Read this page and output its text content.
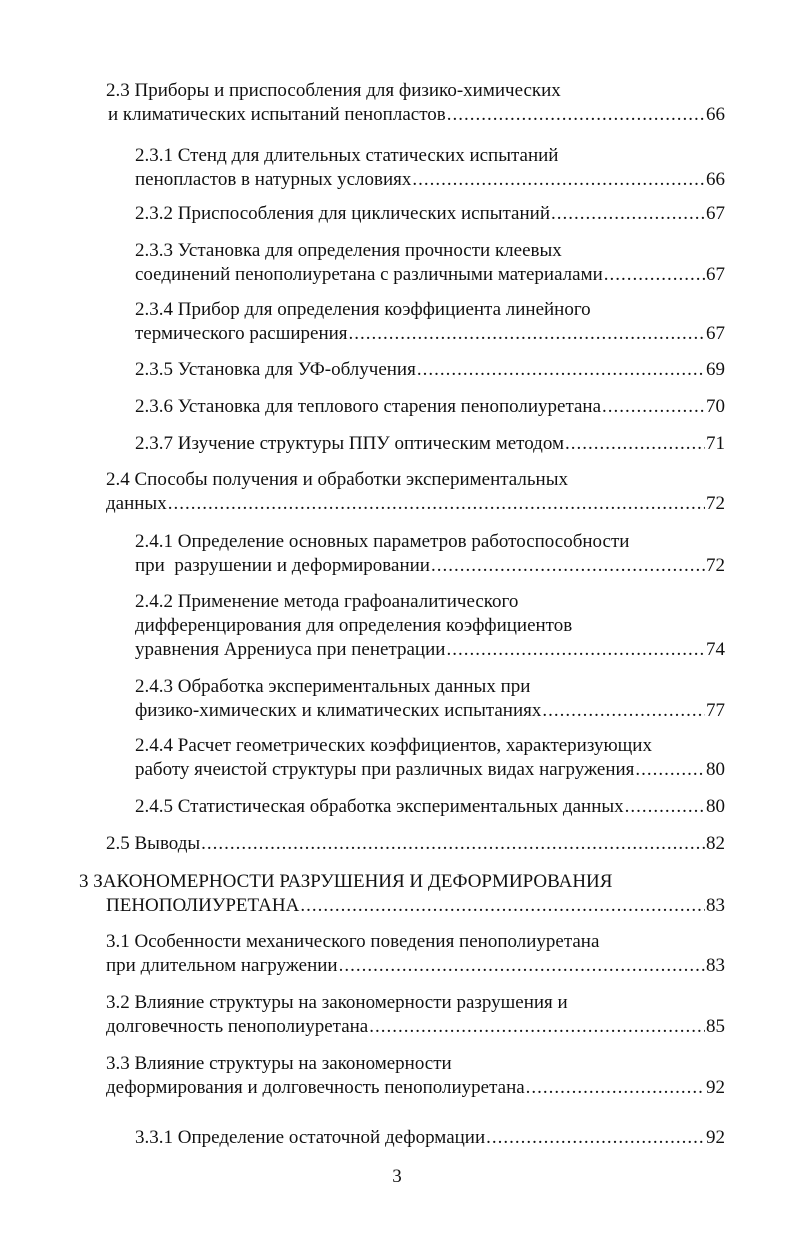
2.3 Приборы и приспособления для физико-химических
и климатических испытаний пенопластов .....	66
2.3.1 Стенд для длительных статических испытаний
пенопластов в натурных условиях .....	66
2.3.2 Приспособления для циклических испытаний .....	67
2.3.3 Установка для определения прочности клеевых
соединений пенополиуретана с различными материалами .....	67
2.3.4 Прибор для определения коэффициента линейного
термического расширения .....	67
2.3.5 Установка для УФ-облучения .....	69
2.3.6 Установка для теплового старения пенополиуретана .....	70
2.3.7 Изучение структуры ППУ оптическим методом .....	71
2.4 Способы получения и обработки экспериментальных
данных .....	72
2.4.1 Определение основных параметров работоспособности
при  разрушении и деформировании .....	72
2.4.2 Применение метода графоаналитического
дифференцирования для определения коэффициентов
уравнения Аррениуса при пенетрации .....	74
2.4.3 Обработка экспериментальных данных при
физико-химических и климатических испытаниях .....	77
2.4.4 Расчет геометрических коэффициентов, характеризующих
работу ячеистой структуры при различных видах нагружения .....	80
2.4.5 Статистическая обработка экспериментальных данных .....	80
2.5 Выводы .....	82
3 ЗАКОНОМЕРНОСТИ РАЗРУШЕНИЯ И ДЕФОРМИРОВАНИЯ
ПЕНОПОЛИУРЕТАНА .....	83
3.1 Особенности механического поведения пенополиуретана
при длительном нагружении .....	83
3.2 Влияние структуры на закономерности разрушения и
долговечность пенополиуретана .....	85
3.3 Влияние структуры на закономерности
деформирования и долговечность пенополиуретана .....	92
3.3.1 Определение остаточной деформации .....	92
3
